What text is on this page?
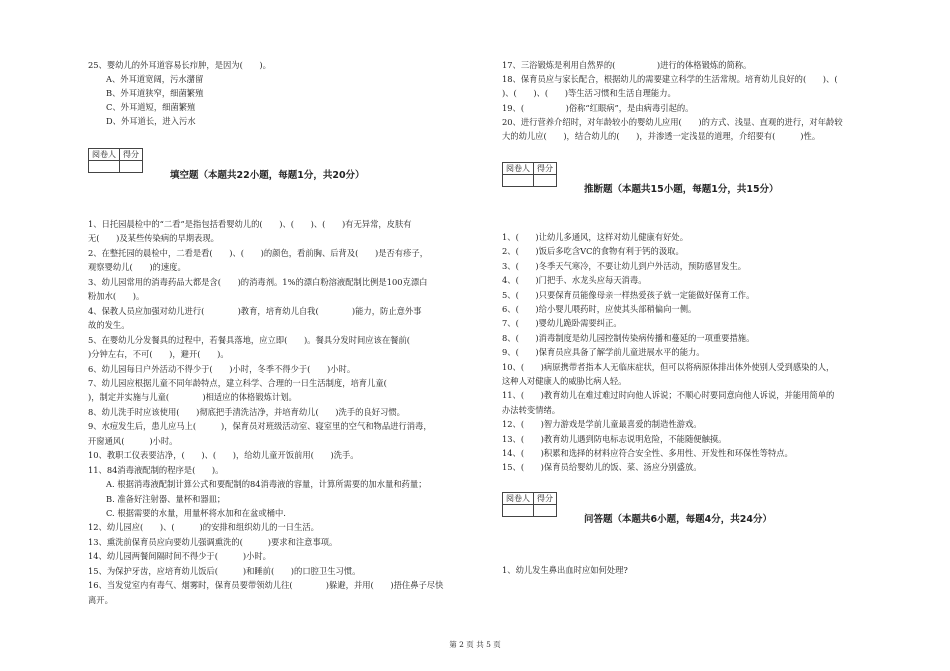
25、婴幼儿的外耳道容易长疖肿，是因为(　　)。
A、外耳道宽阔，污水潴留
B、外耳道狭窄，细菌繁殖
C、外耳道短，细菌繁殖
D、外耳道长，进入污水
阅卷人	得分

填空题（本题共22小题，每题1分，共20分）
1、日托园晨检中的“二看”是指包括看婴幼儿的(　　)、(　　)、(　　)有无异常，皮肤有
无(　　)及某些传染病的早期表现。
2、在整托园的晨检中，二看是看(　　)、(　　)的颜色，看前胸、后背及(　　)是否有疹子，
观察婴幼儿(　　)的速度。
3、幼儿园常用的消毒药品大都是含(　　)的消毒剂。1%的漂白粉溶液配制比例是100克漂白
粉加水(　　)。
4、保教人员应加强对幼儿进行(　　　　)教育，培育幼儿自我(　　　　)能力，防止意外事
故的发生。
5、在婴幼儿分发餐具的过程中，若餐具落地，应立即(　　)。餐具分发时间应该在餐前(　　
)分钟左右，不可(　　)，避开(　　)。
6、幼儿园每日户外活动不得少于(　　)小时，冬季不得少于(　　)小时。
7、幼儿园应根据儿童不同年龄特点，建立科学、合理的一日生活制度，培育儿童(　　　　
)，制定并实施与儿童(　　　　)相适应的体格锻炼计划。
8、幼儿洗手时应该使用(　　)彻底把手清洗洁净，并培育幼儿(　　)洗手的良好习惯。
9、水痘发生后，患儿应马上(　　　)，保育员对班级活动室、寝室里的空气和物品进行消毒，
开窗通风(　　　)小时。
10、教职工仪表要洁净，(　　)、(　　)，给幼儿童开饭前用(　　)洗手。
11、84消毒液配制的程序是(　　)。
A. 根据消毒液配制计算公式和要配制的84消毒液的容量，计算所需要的加水量和药量；
B. 准备好注射器、量杯和器皿；
C. 根据需要的水量，用量杯将水加和在盆或桶中.
12、幼儿园应(　　)、(　　　)的安排和组织幼儿的一日生活。
13、熏洗前保育员应向要幼儿强调熏洗的(　　　)要求和注意事项。
14、幼儿园两餐间隔时间不得少于(　　　)小时。
15、为保护牙齿，应培育幼儿饭后(　　　)和睡前(　　)的口腔卫生习惯。
16、当发觉室内有毒气、烟雾时，保育员要带领幼儿往(　　　　)躲避，并用(　　)捂住鼻子尽快
离开。
17、三浴锻炼是利用自然界的(　　　　　)进行的体格锻炼的简称。
18、保育员应与家长配合，根据幼儿的需要建立科学的生活常规。培育幼儿良好的(　　)、(
)、(　　)、(　　)等生活习惯和生活自理能力。
19、(　　　　　)俗称“红眼病”，是由病毒引起的。
20、进行营养介绍时，对年龄较小的婴幼儿应用(　　)的方式、浅显、直观的进行，对年龄较
大的幼儿应(　　)，结合幼儿的(　　)，并渗透一定浅显的道理，介绍要有(　　　)性。
阅卷人	得分

推断题（本题共15小题，每题1分，共15分）
1、(　　)让幼儿多通风，这样对幼儿健康有好处。
2、(　　)饭后多吃含VC的食物有利于钙的汲取。
3、(　　)冬季天气寒冷，不要让幼儿到户外活动，预防感冒发生。
4、(　　)门把手、水龙头应每天消毒。
5、(　　)只要保育员能像母亲一样热爱孩子就一定能做好保育工作。
6、(　　)给小婴儿喂药时，应使其头部稍偏向一侧。
7、(　　)婴幼儿跪卧需要纠正。
8、(　　)消毒制度是幼儿园控制传染病传播和蔓延的一项重要措施。
9、(　　)保育员应具备了解学前儿童进展水平的能力。
10、(　　)病原携带者指本人无临床症状，但可以将病原体排出体外使别人受到感染的人，
这种人对健康人的威胁比病人轻。
11、(　　)教育幼儿在难过难过时向他人诉说；不顺心时要同意向他人诉说，并能用简单的
办法转变情绪。
12、(　　)智力游戏是学前儿童最喜爱的制造性游戏。
13、(　　)教育幼儿遇到防电标志说明危险，不能随便触摸。
14、(　　)积累和选择的材料应符合安全性、多用性、开发性和环保性等特点。
15、(　　)保育员给婴幼儿的饭、菜、汤应分别盛放。
阅卷人	得分

问答题（本题共6小题，每题4分，共24分）
1、幼儿发生鼻出血时应如何处理?
第 2 页 共 5 页
